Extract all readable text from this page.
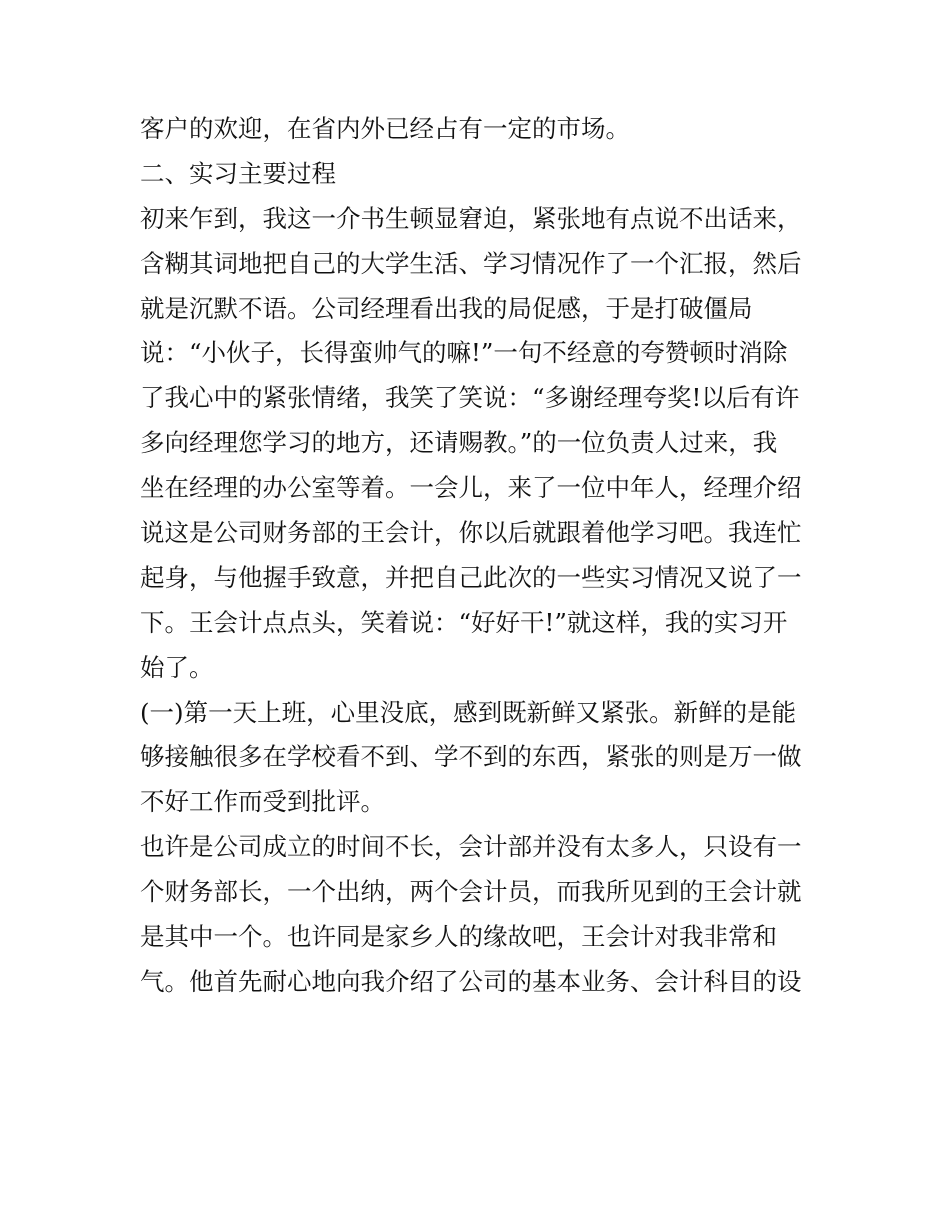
客户的欢迎，在省内外已经占有一定的市场。

二、实习主要过程

初来乍到，我这一介书生顿显窘迫，紧张地有点说不出话来，

含糊其词地把自己的大学生活、学习情况作了一个汇报，然后

就是沉默不语。公司经理看出我的局促感，于是打破僵局

说：“小伙子，长得蛮帅气的嘛!”一句不经意的夸赞顿时消除

了我心中的紧张情绪，我笑了笑说：“多谢经理夸奖!以后有许

多向经理您学习的地方，还请赐教。”的一位负责人过来，我

坐在经理的办公室等着。一会儿，来了一位中年人，经理介绍

说这是公司财务部的王会计，你以后就跟着他学习吧。我连忙

起身，与他握手致意，并把自己此次的一些实习情况又说了一

下。王会计点点头，笑着说：“好好干!”就这样，我的实习开

始了。

(一)第一天上班，心里没底，感到既新鲜又紧张。新鲜的是能

够接触很多在学校看不到、学不到的东西，紧张的则是万一做

不好工作而受到批评。

也许是公司成立的时间不长，会计部并没有太多人，只设有一

个财务部长，一个出纳，两个会计员，而我所见到的王会计就

是其中一个。也许同是家乡人的缘故吧，王会计对我非常和

气。他首先耐心地向我介绍了公司的基本业务、会计科目的设
